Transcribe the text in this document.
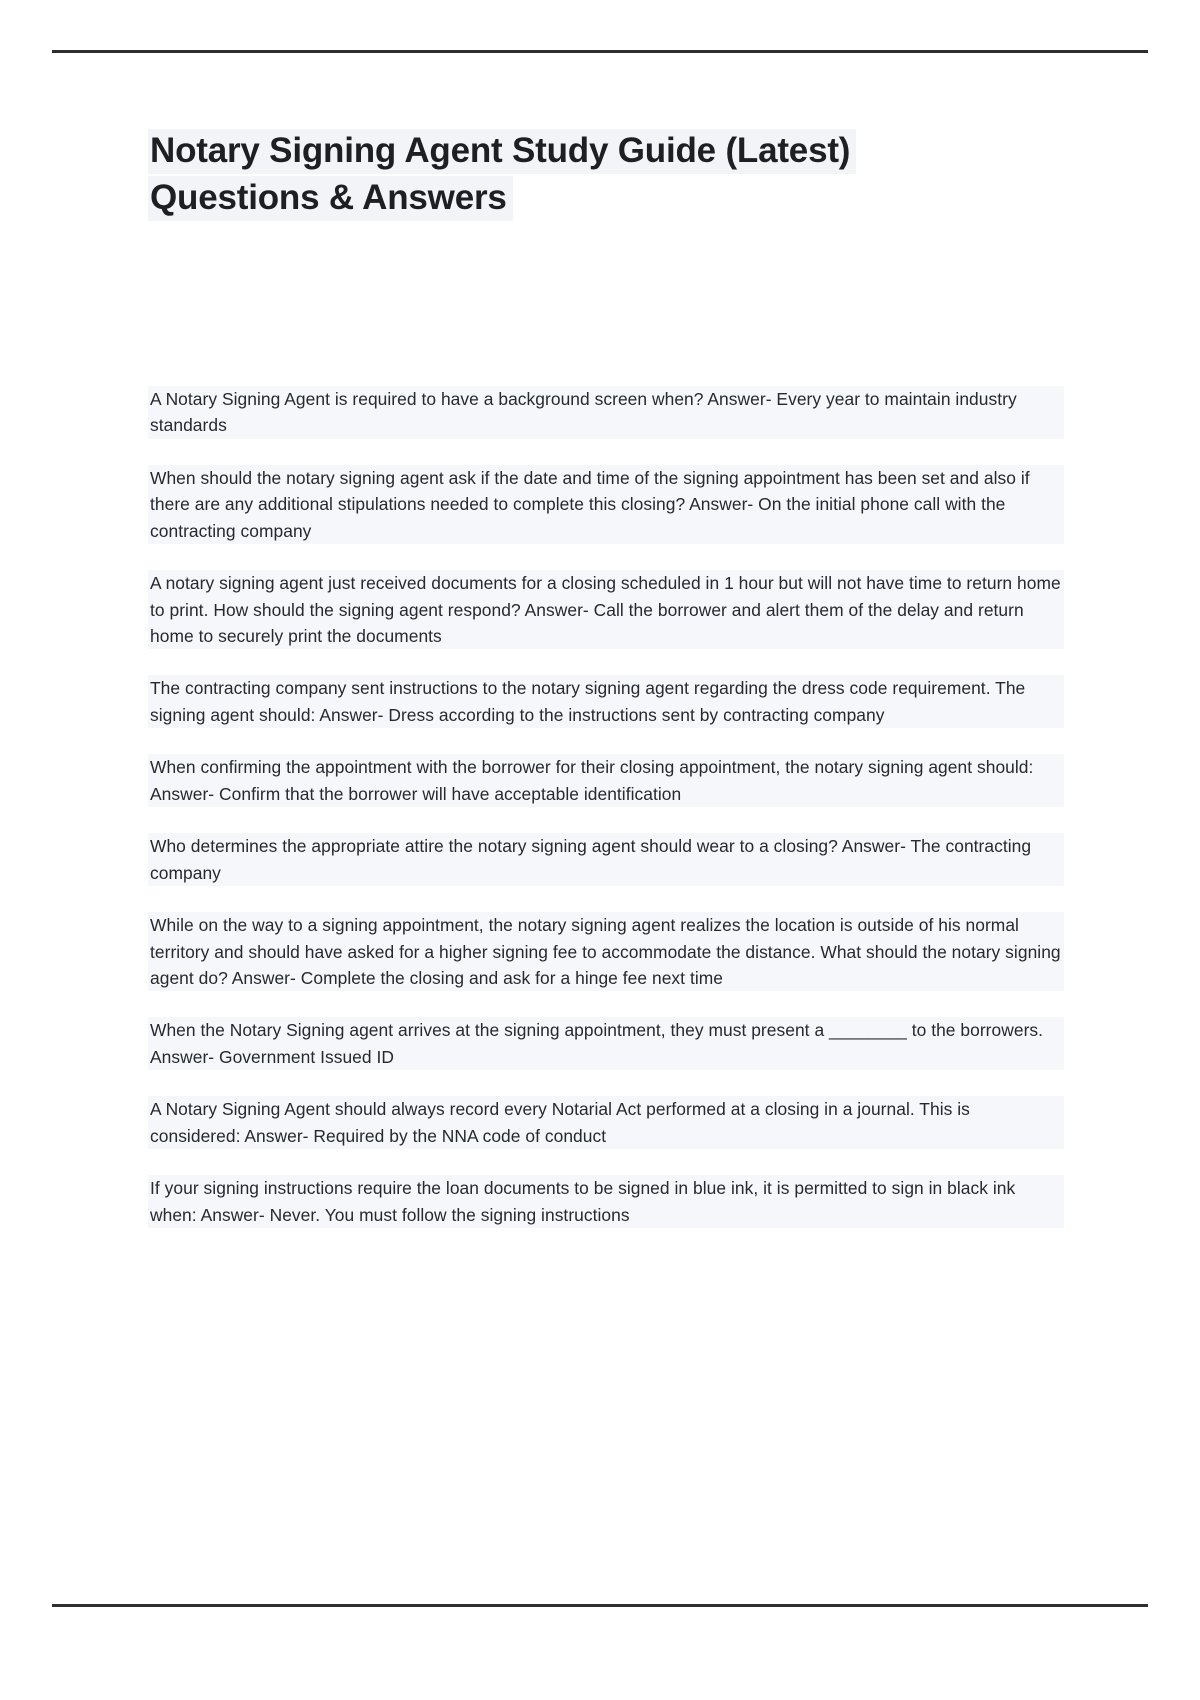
Notary Signing Agent Study Guide (Latest) Questions & Answers

A Notary Signing Agent is required to have a background screen when? Answer- Every year to maintain industry standards

When should the notary signing agent ask if the date and time of the signing appointment has been set and also if there are any additional stipulations needed to complete this closing? Answer- On the initial phone call with the contracting company

A notary signing agent just received documents for a closing scheduled in 1 hour but will not have time to return home to print. How should the signing agent respond? Answer- Call the borrower and alert them of the delay and return home to securely print the documents

The contracting company sent instructions to the notary signing agent regarding the dress code requirement. The signing agent should: Answer- Dress according to the instructions sent by contracting company

When confirming the appointment with the borrower for their closing appointment, the notary signing agent should: Answer- Confirm that the borrower will have acceptable identification

Who determines the appropriate attire the notary signing agent should wear to a closing? Answer- The contracting company

While on the way to a signing appointment, the notary signing agent realizes the location is outside of his normal territory and should have asked for a higher signing fee to accommodate the distance. What should the notary signing agent do? Answer- Complete the closing and ask for a hinge fee next time

When the Notary Signing agent arrives at the signing appointment, they must present a ________ to the borrowers. Answer- Government Issued ID

A Notary Signing Agent should always record every Notarial Act performed at a closing in a journal. This is considered: Answer- Required by the NNA code of conduct

If your signing instructions require the loan documents to be signed in blue ink, it is permitted to sign in black ink when: Answer- Never. You must follow the signing instructions
